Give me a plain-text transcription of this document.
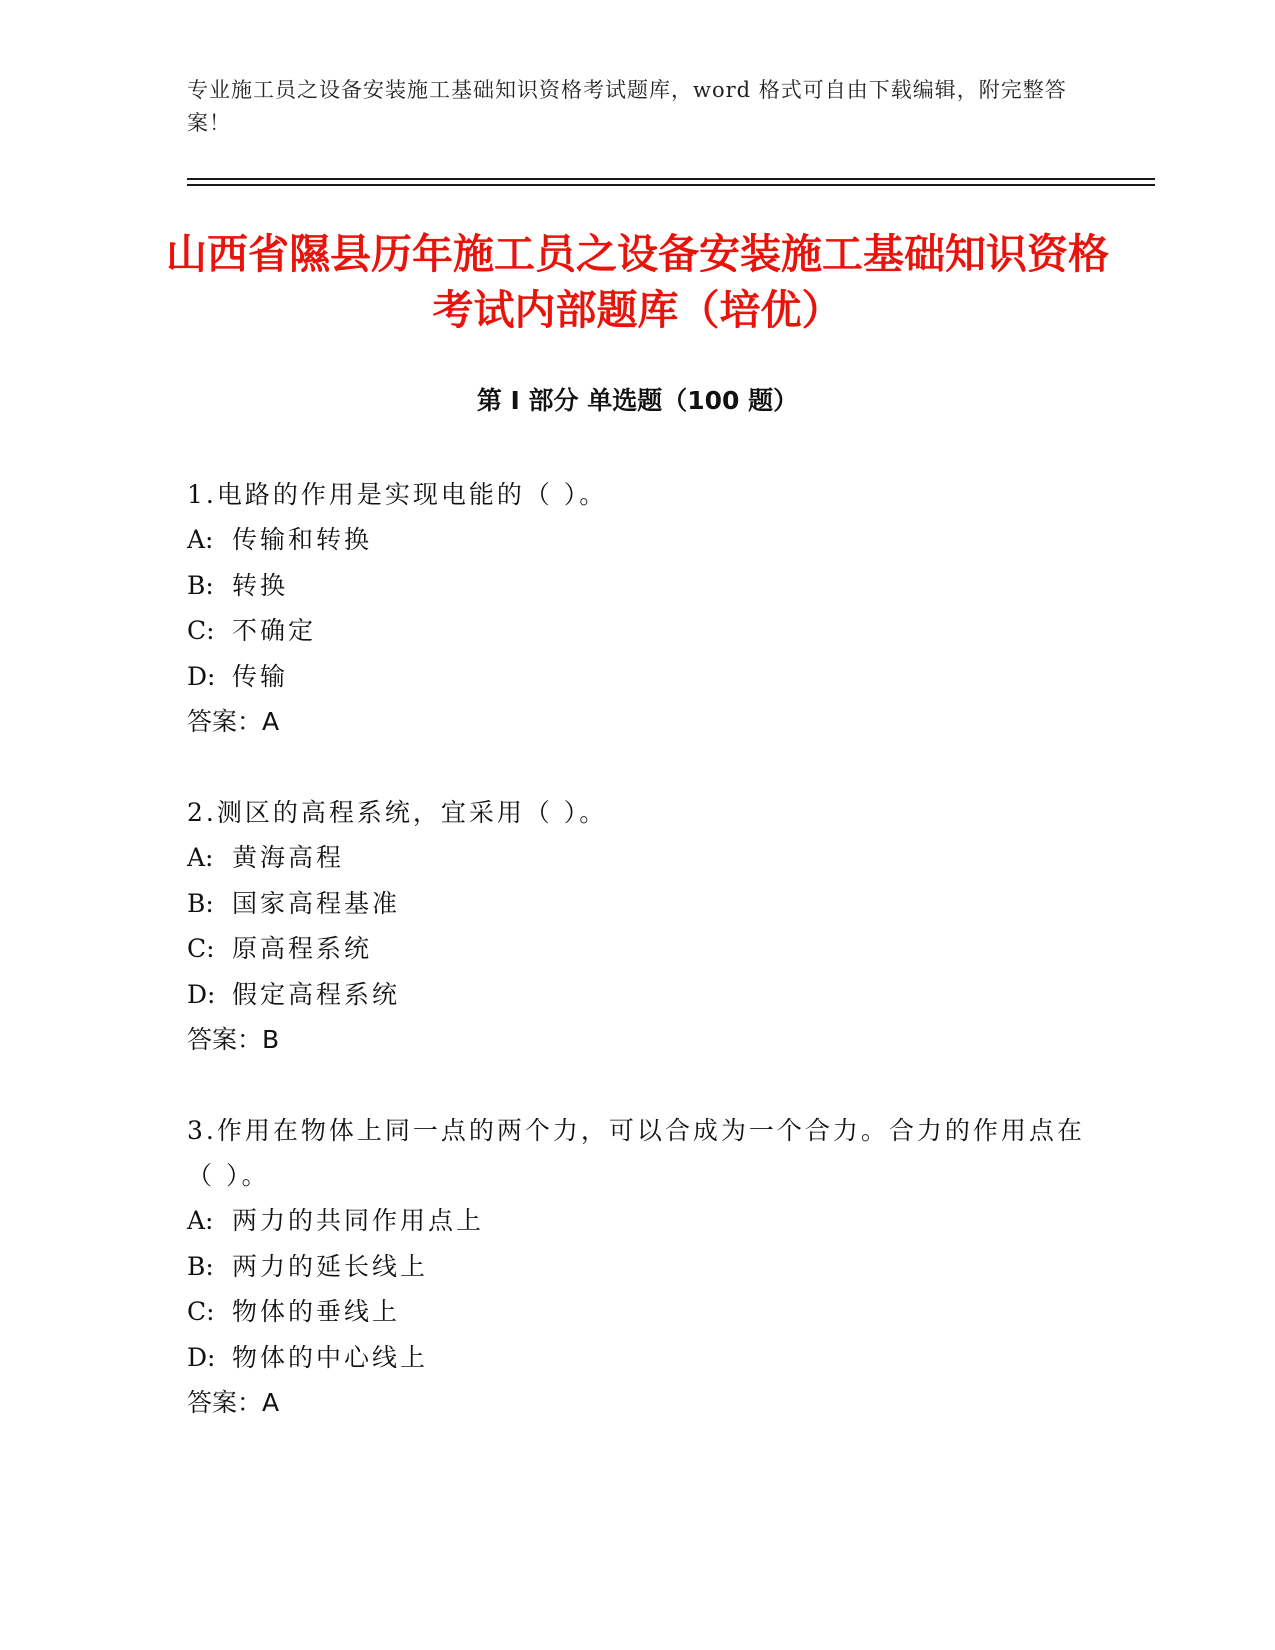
专业施工员之设备安装施工基础知识资格考试题库，word 格式可自由下载编辑，附完整答案！
山西省隰县历年施工员之设备安装施工基础知识资格考试内部题库（培优）
第 I 部分 单选题（100 题）

1.电路的作用是实现电能的（ ）。

A: 传输和转换

B: 转换

C: 不确定

D: 传输

答案：A

2.测区的高程系统，宜采用（ ）。

A: 黄海高程

B: 国家高程基准

C: 原高程系统

D: 假定高程系统

答案：B

3.作用在物体上同一点的两个力，可以合成为一个合力。合力的作用点在（ ）。

A: 两力的共同作用点上

B: 两力的延长线上

C: 物体的垂线上

D: 物体的中心线上

答案：A
